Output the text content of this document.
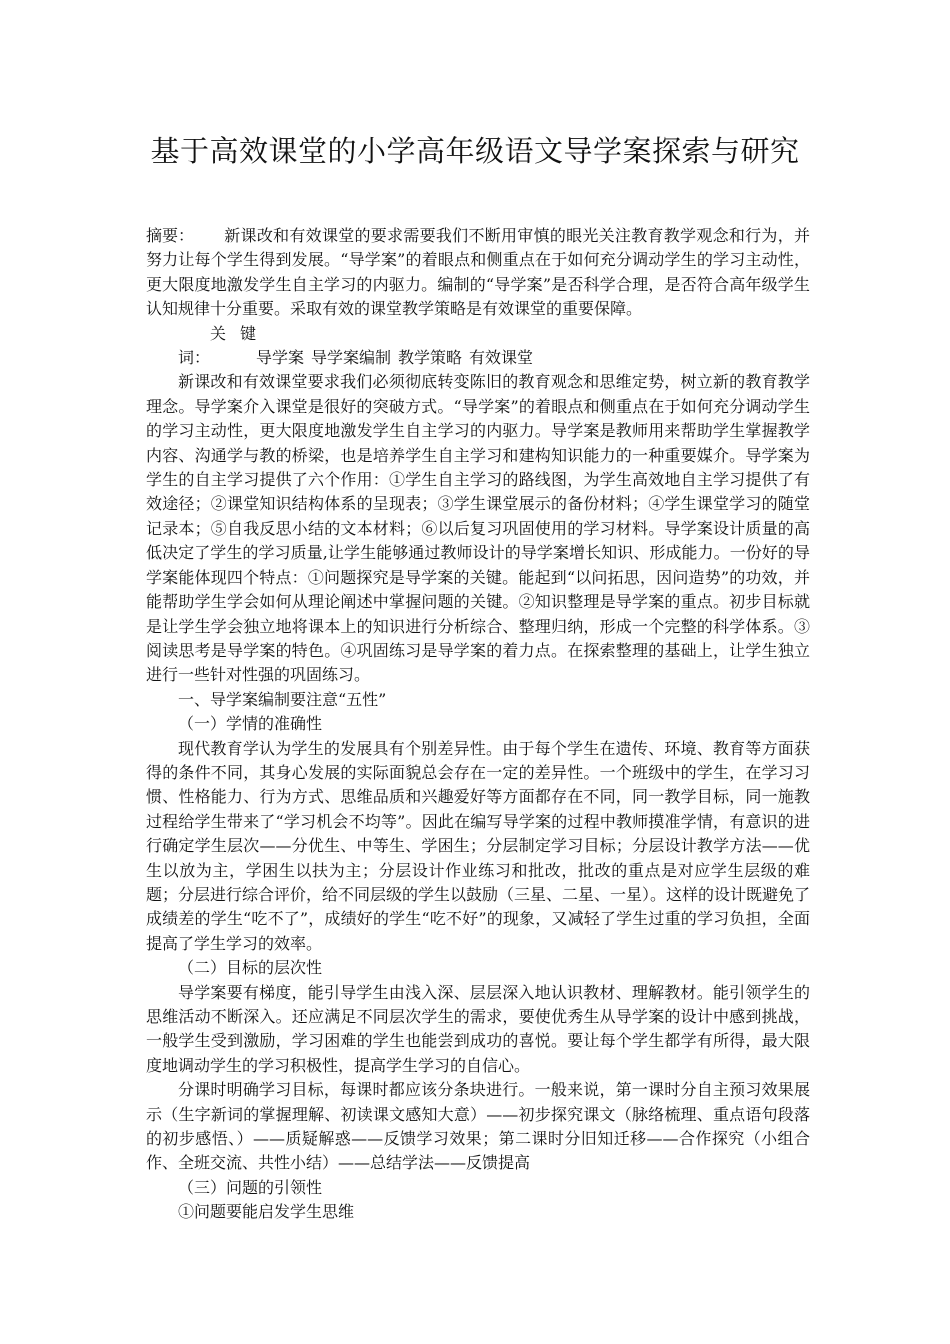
基于高效课堂的小学高年级语文导学案探索与研究

摘要： 新课改和有效课堂的要求需要我们不断用审慎的眼光关注教育教学观念和行为，并努力让每个学生得到发展。“导学案”的着眼点和侧重点在于如何充分调动学生的学习主动性，更大限度地激发学生自主学习的内驱力。编制的“导学案”是否科学合理，是否符合高年级学生认知规律十分重要。采取有效的课堂教学策略是有效课堂的重要保障。

关键词：	导学案 导学案编制 教学策略 有效课堂

新课改和有效课堂要求我们必须彻底转变陈旧的教育观念和思维定势，树立新的教育教学理念。导学案介入课堂是很好的突破方式。“导学案”的着眼点和侧重点在于如何充分调动学生的学习主动性，更大限度地激发学生自主学习的内驱力。导学案是教师用来帮助学生掌握教学内容、沟通学与教的桥梁，也是培养学生自主学习和建构知识能力的一种重要媒介。导学案为学生的自主学习提供了六个作用：①学生自主学习的路线图，为学生高效地自主学习提供了有效途径；②课堂知识结构体系的呈现表；③学生课堂展示的备份材料；④学生课堂学习的随堂记录本；⑤自我反思小结的文本材料；⑥以后复习巩固使用的学习材料。导学案设计质量的高低决定了学生的学习质量,让学生能够通过教师设计的导学案增长知识、形成能力。一份好的导学案能体现四个特点：①问题探究是导学案的关键。能起到“以问拓思，因问造势”的功效，并能帮助学生学会如何从理论阐述中掌握问题的关键。②知识整理是导学案的重点。初步目标就是让学生学会独立地将课本上的知识进行分析综合、整理归纳，形成一个完整的科学体系。③阅读思考是导学案的特色。④巩固练习是导学案的着力点。在探索整理的基础上，让学生独立进行一些针对性强的巩固练习。

一、导学案编制要注意“五性”

（一）学情的准确性

现代教育学认为学生的发展具有个别差异性。由于每个学生在遗传、环境、教育等方面获得的条件不同，其身心发展的实际面貌总会存在一定的差异性。一个班级中的学生，在学习习惯、性格能力、行为方式、思维品质和兴趣爱好等方面都存在不同，同一教学目标，同一施教过程给学生带来了“学习机会不均等”。因此在编写导学案的过程中教师摸准学情，有意识的进行确定学生层次——分优生、中等生、学困生；分层制定学习目标；分层设计教学方法——优生以放为主，学困生以扶为主；分层设计作业练习和批改，批改的重点是对应学生层级的难题；分层进行综合评价，给不同层级的学生以鼓励（三星、二星、一星）。这样的设计既避免了成绩差的学生“吃不了”，成绩好的学生“吃不好”的现象，又减轻了学生过重的学习负担，全面提高了学生学习的效率。

（二）目标的层次性

导学案要有梯度，能引导学生由浅入深、层层深入地认识教材、理解教材。能引领学生的思维活动不断深入。还应满足不同层次学生的需求，要使优秀生从导学案的设计中感到挑战，一般学生受到激励，学习困难的学生也能尝到成功的喜悦。要让每个学生都学有所得，最大限度地调动学生的学习积极性，提高学生学习的自信心。

分课时明确学习目标，每课时都应该分条块进行。一般来说，第一课时分自主预习效果展示（生字新词的掌握理解、初读课文感知大意）——初步探究课文（脉络梳理、重点语句段落的初步感悟、）——质疑解惑——反馈学习效果；第二课时分旧知迁移——合作探究（小组合作、全班交流、共性小结）——总结学法——反馈提高

（三）问题的引领性

①问题要能启发学生思维
